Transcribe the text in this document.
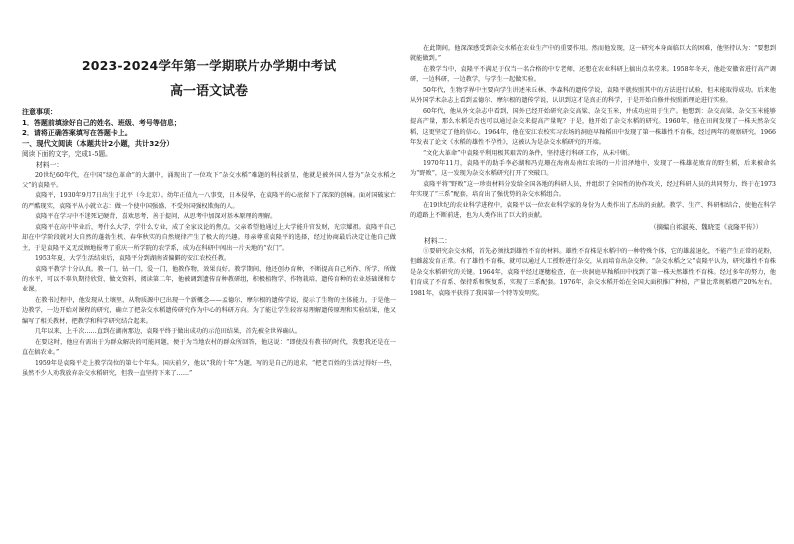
2023-2024学年第一学期联片办学期中考试
高一语文试卷
注意事项：
1．答题前填涂好自己的姓名、班级、考号等信息；
2．请将正确答案填写在答题卡上。
一、现代文阅读（本题共计2小题，共计32分）
阅读下面的文字，完成1-5题。
材料一：

20世纪60年代，在中国“绿色革命”的大潮中，涌现出了一位攻下“杂交水稻”难题的科技新星，他就是被外国人誉为“杂交水稻之父”的袁隆平。

袁隆平，1930年9月7日出生于北平（今北京）。幼年正值九一八事变，日本侵华，在袁隆平的心底留下了深深的创痛。面对国破家亡的严酷现实，袁隆平从小就立志：做一个使中国强盛、不受外国强权欺侮的人。

袁隆平在学习中不迷死记硬背，喜欢思考，善于提问，从思考中加深对基本原理的理解。

袁隆平在高中毕业后，考什么大学，学什么专业，成了全家议论的焦点。父亲希望他通过上大学能升官发财，光宗耀祖。袁隆平自己却在中学阶段就对大自然的蓬勃生机、春华秋实的自然规律产生了极大的兴趣。母亲尊重袁隆平的选择，经过协商最后决定让他自己做主，于是袁隆平义无反顾地报考了重庆一所学院的农学系，成为在科研中闯出一片天地的“农门”。

1953年夏，大学生活结束后，袁隆平分到湖南省偏僻的安江农校任教。

袁隆平教学十分认真。教一门，钻一门，爱一门，他教作物，效果良好。教学期间，他还创办育种，不断提高自己所作、所学、所做的水平，可以不辜负期待欣赏、做文资料，阅读第二年，他被调到遗传育种教研组，积极植物学、作物栽培、遗传育种的农业基础课和专业课。

在教书过程中，他发现从土壤里，从物质源中已出现一个新概念——孟德尔、摩尔根的遗传学说，提示了生物的主体能力。于是他一边教学，一边开始对课程的研究，确立了把杂交水稻遗传研究作为中心的科研方向。为了能让学生较容易理解遗传原理和实验结果，他又编写了相关教材，把教学和科学研究结合起来。

几年以来，上千次……直到在湖南那边，袁隆平终于做出成功的示范田结果，首先被全世界确认。

在要这时，他应有需出于为群众解决的可能问题，便于为当地农村的群众所回答，他这说：“即使没有教书的时代，我想我还是在一直在搞农业。”

1959年是袁隆平走上教学岗位的第七个年头。国庆前夕，他以“我的十年”为题，写的是自己的追求，“把老百姓的生活过得好一些，虽然不少人劝我放弃杂交水稻研究，但我一直坚持下来了……”

在此期间，他深深感受到杂交水稻在农业生产中的重要作用。然而他发现，这一研究本身面临巨大的困难，他坚持认为：“要想到就能做到。”

在教学当中，袁隆平不满足于仅当一名合格的中专老师，还想在农业科研上搞出点名堂来。1958年冬天，他赴安徽省进行高产调研，一边科研，一边教学，与学生一起做实验。

50年代，生物学界中主要向学生讲述米丘林、李森科的遗传学说，袁隆平就按照其中的方法进行试验，但未能取得成功。后来他从外国学术杂志上看到孟德尔、摩尔根的遗传学说，认识到这才是真正的科学，于是开始自修并按照新理论进行实验。

60年代，他从外文杂志中看到，国外已经开始研究杂交高粱、杂交玉米，并成功应用于生产。他想到：杂交高粱、杂交玉米能够提高产量，那么水稻是否也可以通过杂交来提高产量呢？于是，他开始了杂交水稻的研究。1960年，他在田间发现了一株天然杂交稻，这更坚定了他的信心。1964年，他在安江农校实习农场的洞庭早籼稻田中发现了第一株雄性不育株，经过两年的观察研究，1966年发表了论文《水稻的雄性不孕性》，这被认为是杂交水稻研究的开端。

“文化大革命”中袁隆平利用极其艰苦的条件，坚持进行科研工作，从未中断。

1970年11月，袁隆平的助手李必湖和冯克珊在海南岛南红农场的一片沼泽地中，发现了一株雄花败育的野生稻，后来被命名为“野败”，这一发现为杂交水稻研究打开了突破口。

袁隆平将“野败”这一珍贵材料分发给全国各地的科研人员，并组织了全国性的协作攻关，经过科研人员的共同努力，终于在1973年实现了“三系”配套，培育出了强优势的杂交水稻组合。

在19世纪的农业科学进程中，袁隆平以一位农业科学家的身份为人类作出了杰出的贡献。教学、生产、科研相结合，使他在科学的道路上不断前进，也为人类作出了巨大的贡献。

（摘编自祁淑英、魏晓雯《袁隆平传》）
材料二：

①要研究杂交水稻，首先必须找到雄性不育的材料。雄性不育株是水稻中的一种特殊个体，它的雄蕊退化，不能产生正常的花粉，但雌蕊发育正常。有了雄性不育株，就可以通过人工授粉进行杂交，从而培育出杂交种。“杂交水稻之父”袁隆平认为，研究雄性不育株是杂交水稻研究的关键。1964年，袁隆平经过逐穗检查，在一块洞庭早籼稻田中找到了第一株天然雄性不育株。经过多年的努力，他们育成了不育系、保持系和恢复系，实现了三系配套。1976年，杂交水稻开始在全国大面积推广种植，产量比常规稻增产20%左右。1981年，袁隆平获得了我国第一个特等发明奖。
